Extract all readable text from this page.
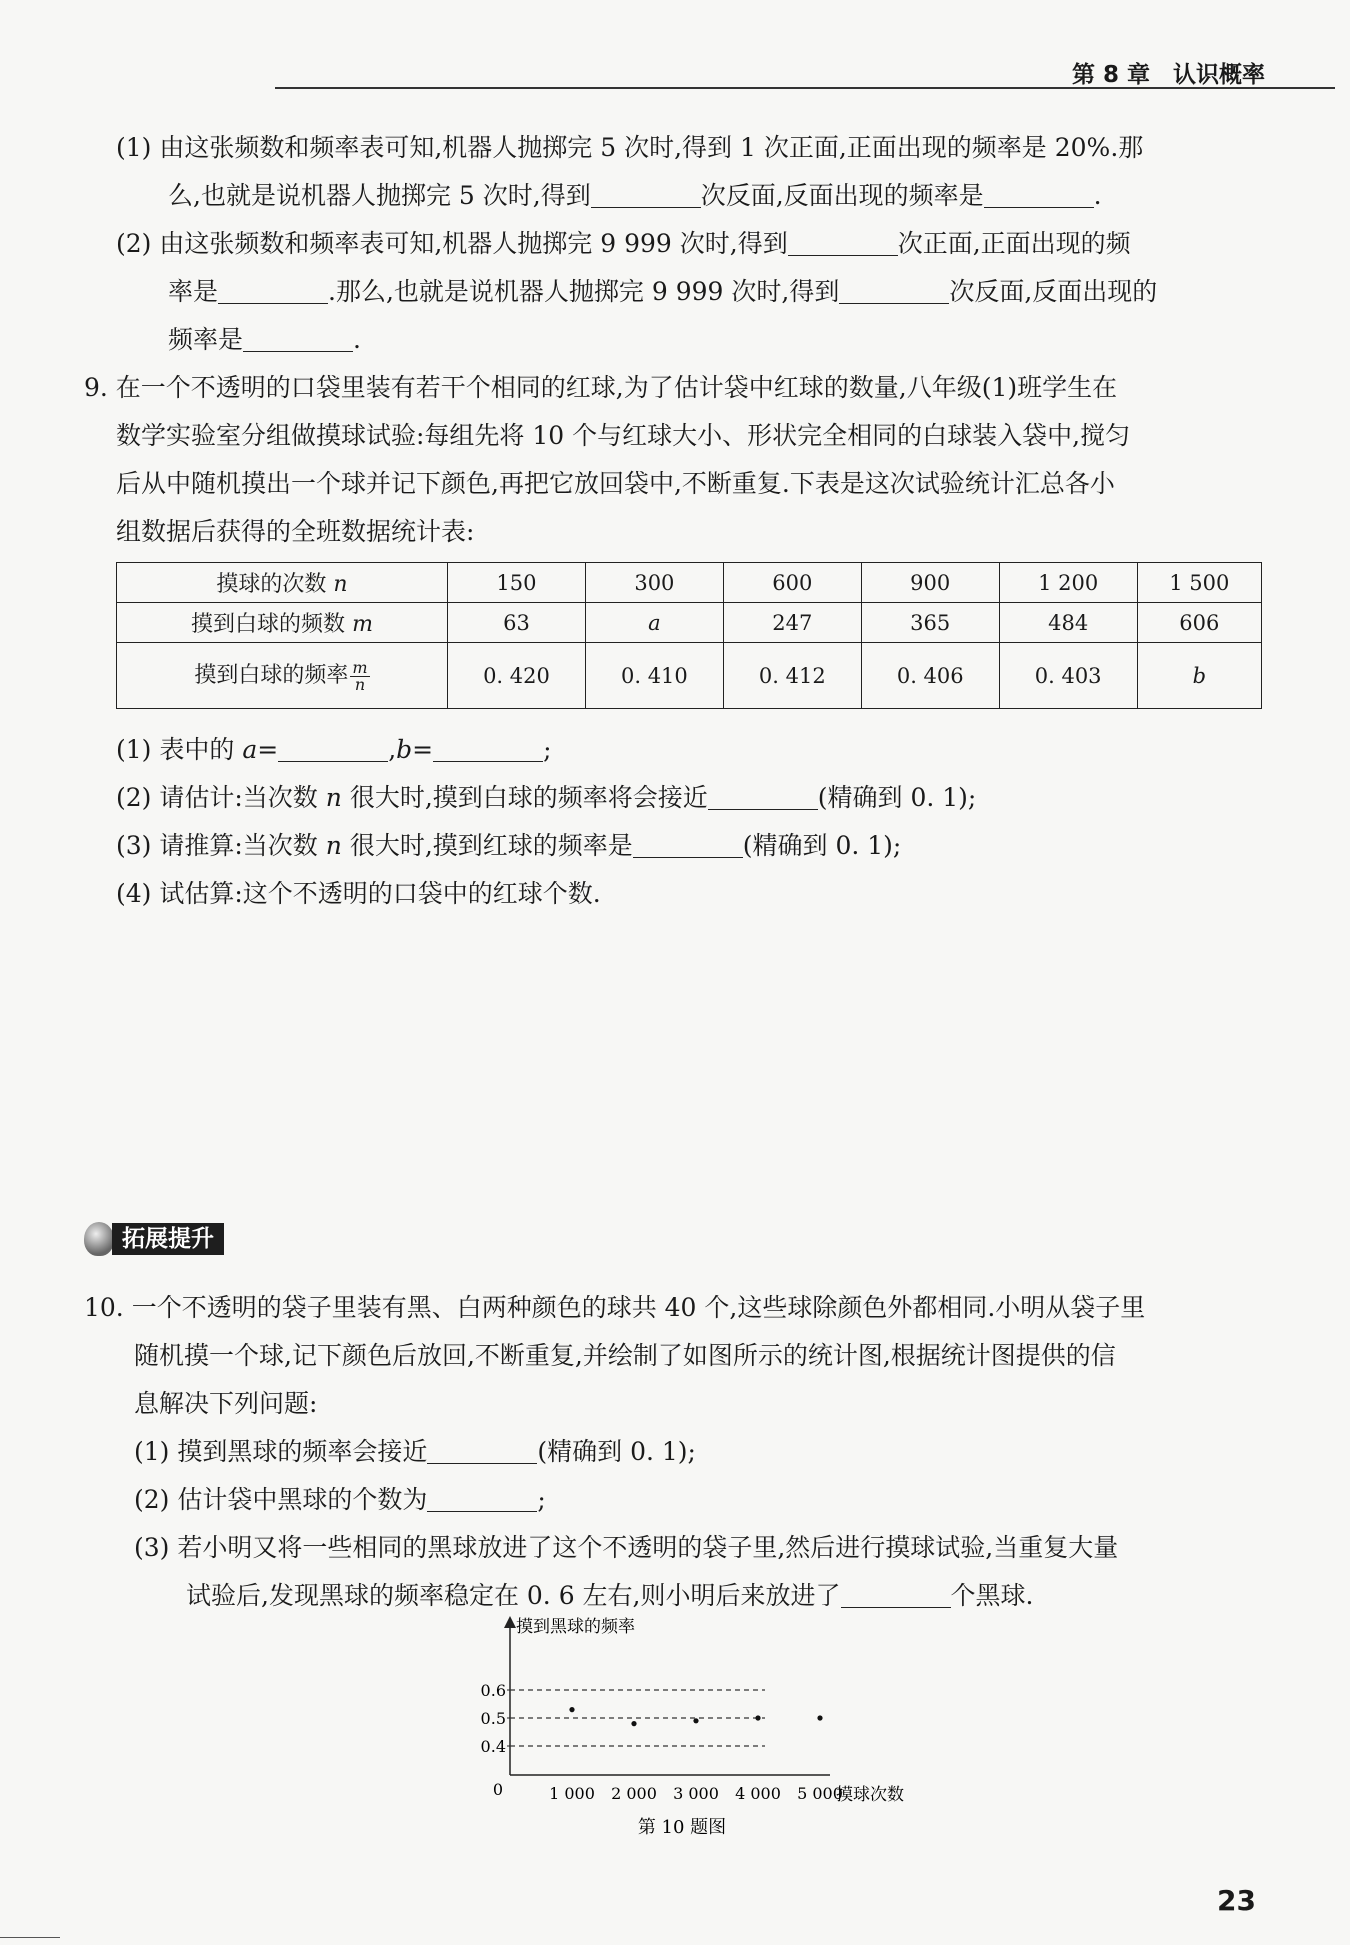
第 8 章　认识概率
(1) 由这张频数和频率表可知,机器人抛掷完 5 次时,得到 1 次正面,正面出现的频率是 20%.那
么,也就是说机器人抛掷完 5 次时,得到	次反面,反面出现的频率是	.
(2) 由这张频数和频率表可知,机器人抛掷完 9 999 次时,得到	次正面,正面出现的频
率是	.那么,也就是说机器人抛掷完 9 999 次时,得到	次反面,反面出现的
频率是	.
9. 在一个不透明的口袋里装有若干个相同的红球,为了估计袋中红球的数量,八年级(1)班学生在
数学实验室分组做摸球试验:每组先将 10 个与红球大小、形状完全相同的白球装入袋中,搅匀
后从中随机摸出一个球并记下颜色,再把它放回袋中,不断重复.下表是这次试验统计汇总各小
组数据后获得的全班数据统计表:
摸球的次数 n	150	300	600	900	1 200	1 500
摸到白球的频数 m	63	a	247	365	484	606
摸到白球的频率 $\frac{m}{n}$	0. 420	0. 410	0. 412	0. 406	0. 403	b
(1) 表中的 a=	,b=	;
(2) 请估计:当次数 n 很大时,摸到白球的频率将会接近	(精确到 0. 1);
(3) 请推算:当次数 n 很大时,摸到红球的频率是	(精确到 0. 1);
(4) 试估算:这个不透明的口袋中的红球个数.
拓展提升
10. 一个不透明的袋子里装有黑、白两种颜色的球共 40 个,这些球除颜色外都相同.小明从袋子里
随机摸一个球,记下颜色后放回,不断重复,并绘制了如图所示的统计图,根据统计图提供的信
息解决下列问题:
(1) 摸到黑球的频率会接近	(精确到 0. 1);
(2) 估计袋中黑球的个数为	;
(3) 若小明又将一些相同的黑球放进了这个不透明的袋子里,然后进行摸球试验,当重复大量
试验后,发现黑球的频率稳定在 0. 6 左右,则小明后来放进了	个黑球.
摸到黑球的频率
摸球次数
0
0.4
0.5
0.6
1 000 2 000 3 000 4 000 5 000
第 10 题图
23
